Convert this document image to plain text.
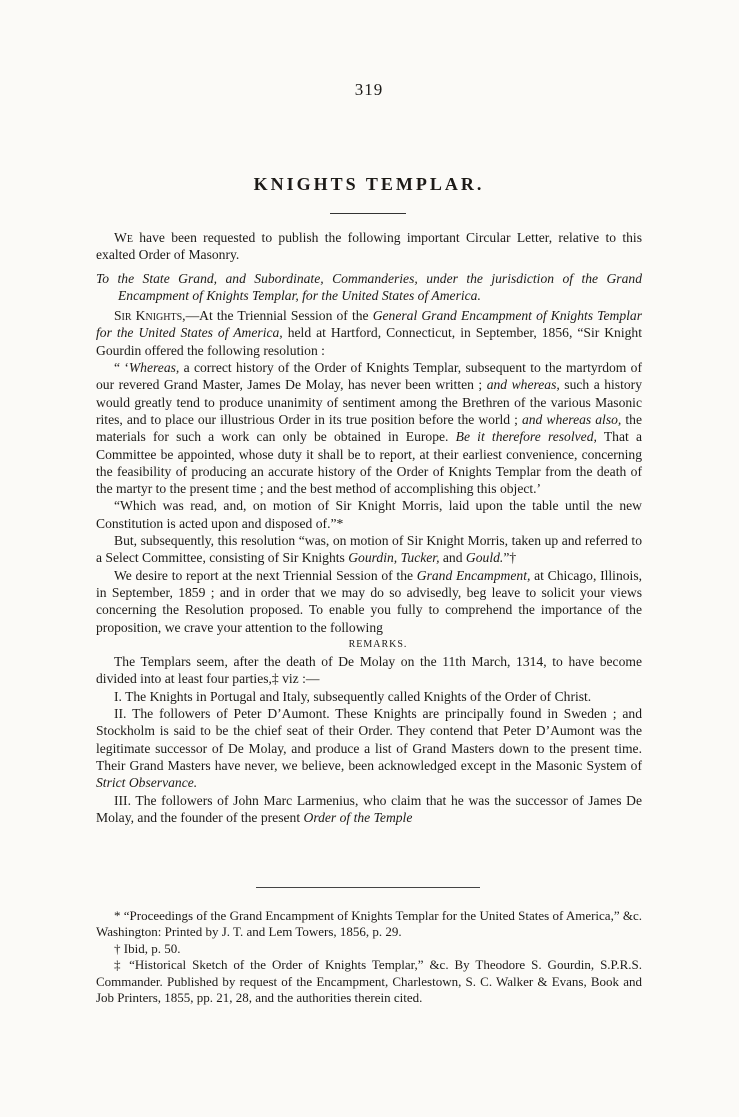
319
KNIGHTS TEMPLAR.

We have been requested to publish the following important Circular Letter, relative to this exalted Order of Masonry.

To the State Grand, and Subordinate, Commanderies, under the jurisdiction of the Grand Encampment of Knights Templar, for the United States of America.

Sir Knights,—At the Triennial Session of the General Grand Encampment of Knights Templar for the United States of America, held at Hartford, Connecticut, in September, 1856, “Sir Knight Gourdin offered the following resolution :

“ ‘Whereas, a correct history of the Order of Knights Templar, subsequent to the martyrdom of our revered Grand Master, James De Molay, has never been written ; and whereas, such a history would greatly tend to produce unanimity of sentiment among the Brethren of the various Masonic rites, and to place our illustrious Order in its true position before the world ; and whereas also, the materials for such a work can only be obtained in Europe. Be it therefore resolved, That a Committee be appointed, whose duty it shall be to report, at their earliest convenience, concerning the feasibility of producing an accurate history of the Order of Knights Templar from the death of the martyr to the present time ; and the best method of accomplishing this object.’

“Which was read, and, on motion of Sir Knight Morris, laid upon the table until the new Constitution is acted upon and disposed of.”*

But, subsequently, this resolution “was, on motion of Sir Knight Morris, taken up and referred to a Select Committee, consisting of Sir Knights Gourdin, Tucker, and Gould.”†

We desire to report at the next Triennial Session of the Grand Encampment, at Chicago, Illinois, in September, 1859 ; and in order that we may do so advisedly, beg leave to solicit your views concerning the Resolution proposed. To enable you fully to comprehend the importance of the proposition, we crave your attention to the following

REMARKS.

The Templars seem, after the death of De Molay on the 11th March, 1314, to have become divided into at least four parties,‡ viz :—

I. The Knights in Portugal and Italy, subsequently called Knights of the Order of Christ.

II. The followers of Peter D’Aumont. These Knights are principally found in Sweden ; and Stockholm is said to be the chief seat of their Order. They contend that Peter D’Aumont was the legitimate successor of De Molay, and produce a list of Grand Masters down to the present time. Their Grand Masters have never, we believe, been acknowledged except in the Masonic System of Strict Observance.

III. The followers of John Marc Larmenius, who claim that he was the successor of James De Molay, and the founder of the present Order of the Temple

* “Proceedings of the Grand Encampment of Knights Templar for the United States of America,” &c. Washington: Printed by J. T. and Lem Towers, 1856, p. 29.

† Ibid, p. 50.

‡ “Historical Sketch of the Order of Knights Templar,” &c. By Theodore S. Gourdin, S.P.R.S. Commander. Published by request of the Encampment, Charlestown, S. C. Walker & Evans, Book and Job Printers, 1855, pp. 21, 28, and the authorities therein cited.
